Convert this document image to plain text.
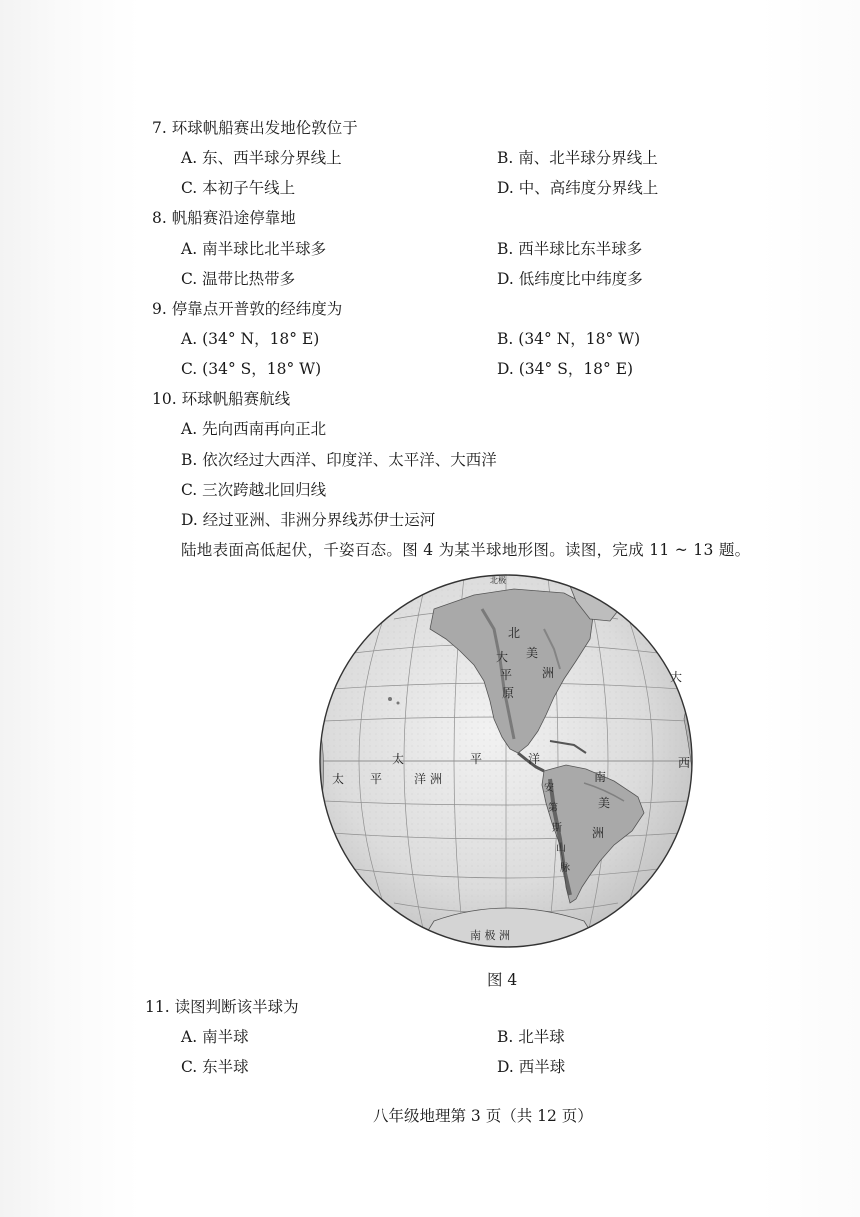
7. 环球帆船赛出发地伦敦位于
A. 东、西半球分界线上	B. 南、北半球分界线上
C. 本初子午线上	D. 中、高纬度分界线上
8. 帆船赛沿途停靠地
A. 南半球比北半球多	B. 西半球比东半球多
C. 温带比热带多	D. 低纬度比中纬度多
9. 停靠点开普敦的经纬度为
A. (34° N，18° E)	B. (34° N，18° W)
C. (34° S，18° W)	D. (34° S，18° E)
10. 环球帆船赛航线
A. 先向西南再向正北
B. 依次经过大西洋、印度洋、太平洋、大西洋
C. 三次跨越北回归线
D. 经过亚洲、非洲分界线苏伊士运河
陆地表面高低起伏，千姿百态。图 4 为某半球地形图。读图，完成 11 ~ 13 题。
太	平	洋
太 平	洋 洲
北
美
洲
大
平
原
南
美
洲
安
第
斯
山
脉
南 极 洲
大
西
北极
图 4
11. 读图判断该半球为
A. 南半球	B. 北半球
C. 东半球	D. 西半球
八年级地理第 3 页（共 12 页）
